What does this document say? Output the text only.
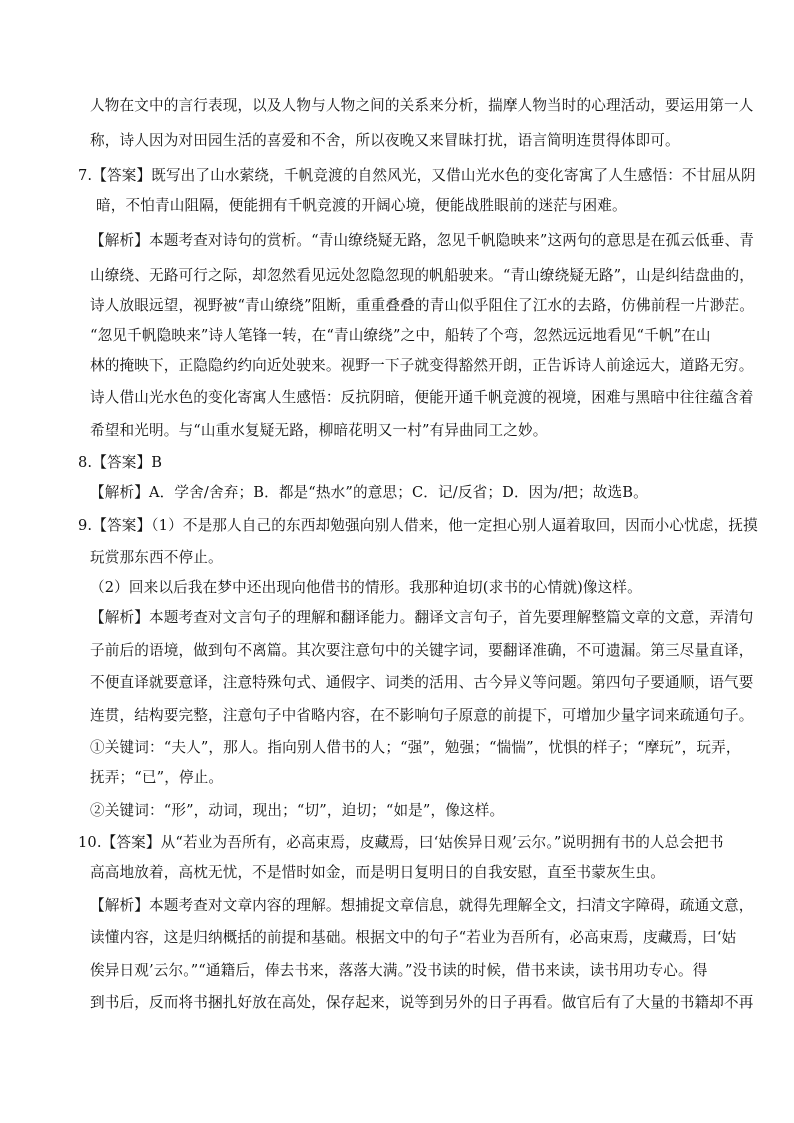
人物在文中的言行表现，以及人物与人物之间的关系来分析，揣摩人物当时的心理活动，要运用第一人
称，诗人因为对田园生活的喜爱和不舍，所以夜晚又来冒昧打扰，语言简明连贯得体即可。
7.【答案】既写出了山水萦绕，千帆竞渡的自然风光，又借山光水色的变化寄寓了人生感悟：不甘屈从阴
暗，不怕青山阻隔，便能拥有千帆竞渡的开阔心境，便能战胜眼前的迷茫与困难。
【解析】本题考查对诗句的赏析。“青山缭绕疑无路，忽见千帆隐映来”这两句的意思是在孤云低垂、青
山缭绕、无路可行之际，却忽然看见远处忽隐忽现的帆船驶来。“青山缭绕疑无路”，山是纠结盘曲的，
诗人放眼远望，视野被“青山缭绕”阻断，重重叠叠的青山似乎阻住了江水的去路，仿佛前程一片渺茫。
“忽见千帆隐映来”诗人笔锋一转，在“青山缭绕”之中，船转了个弯，忽然远远地看见“千帆”在山
林的掩映下，正隐隐约约向近处驶来。视野一下子就变得豁然开朗，正告诉诗人前途远大，道路无穷。
诗人借山光水色的变化寄寓人生感悟：反抗阴暗，便能开通千帆竞渡的视境，困难与黑暗中往往蕴含着
希望和光明。与“山重水复疑无路，柳暗花明又一村”有异曲同工之妙。
8.【答案】B
【解析】A．学舍/舍弃；B．都是“热水”的意思；C．记/反省；D．因为/把；故选B。
9.【答案】（1）不是那人自己的东西却勉强向别人借来，他一定担心别人逼着取回，因而小心忧虑，抚摸
玩赏那东西不停止。
（2）回来以后我在梦中还出现向他借书的情形。我那种迫切(求书的心情就)像这样。
【解析】本题考查对文言句子的理解和翻译能力。翻译文言句子，首先要理解整篇文章的文意，弄清句
子前后的语境，做到句不离篇。其次要注意句中的关键字词，要翻译准确，不可遗漏。第三尽量直译，
不便直译就要意译，注意特殊句式、通假字、词类的活用、古今异义等问题。第四句子要通顺，语气要
连贯，结构要完整，注意句子中省略内容，在不影响句子原意的前提下，可增加少量字词来疏通句子。
①关键词：“夫人”，那人。指向别人借书的人；“强”，勉强；“惴惴”，忧惧的样子；“摩玩”，玩弄，
抚弄；“已”，停止。
②关键词：“形”，动词，现出；“切”，迫切；“如是”，像这样。
10.【答案】从“若业为吾所有，必高束焉，皮藏焉，曰‘姑俟异日观’云尔。”说明拥有书的人总会把书
高高地放着，高枕无忧，不是惜时如金，而是明日复明日的自我安慰，直至书蒙灰生虫。
【解析】本题考查对文章内容的理解。想捕捉文章信息，就得先理解全文，扫清文字障碍，疏通文意，
读懂内容，这是归纳概括的前提和基础。根据文中的句子“若业为吾所有，必高束焉，庋藏焉，曰‘姑
俟异日观’云尔。”“通籍后，俸去书来，落落大满。”没书读的时候，借书来读，读书用功专心。得
到书后，反而将书捆扎好放在高处，保存起来，说等到另外的日子再看。做官后有了大量的书籍却不再
